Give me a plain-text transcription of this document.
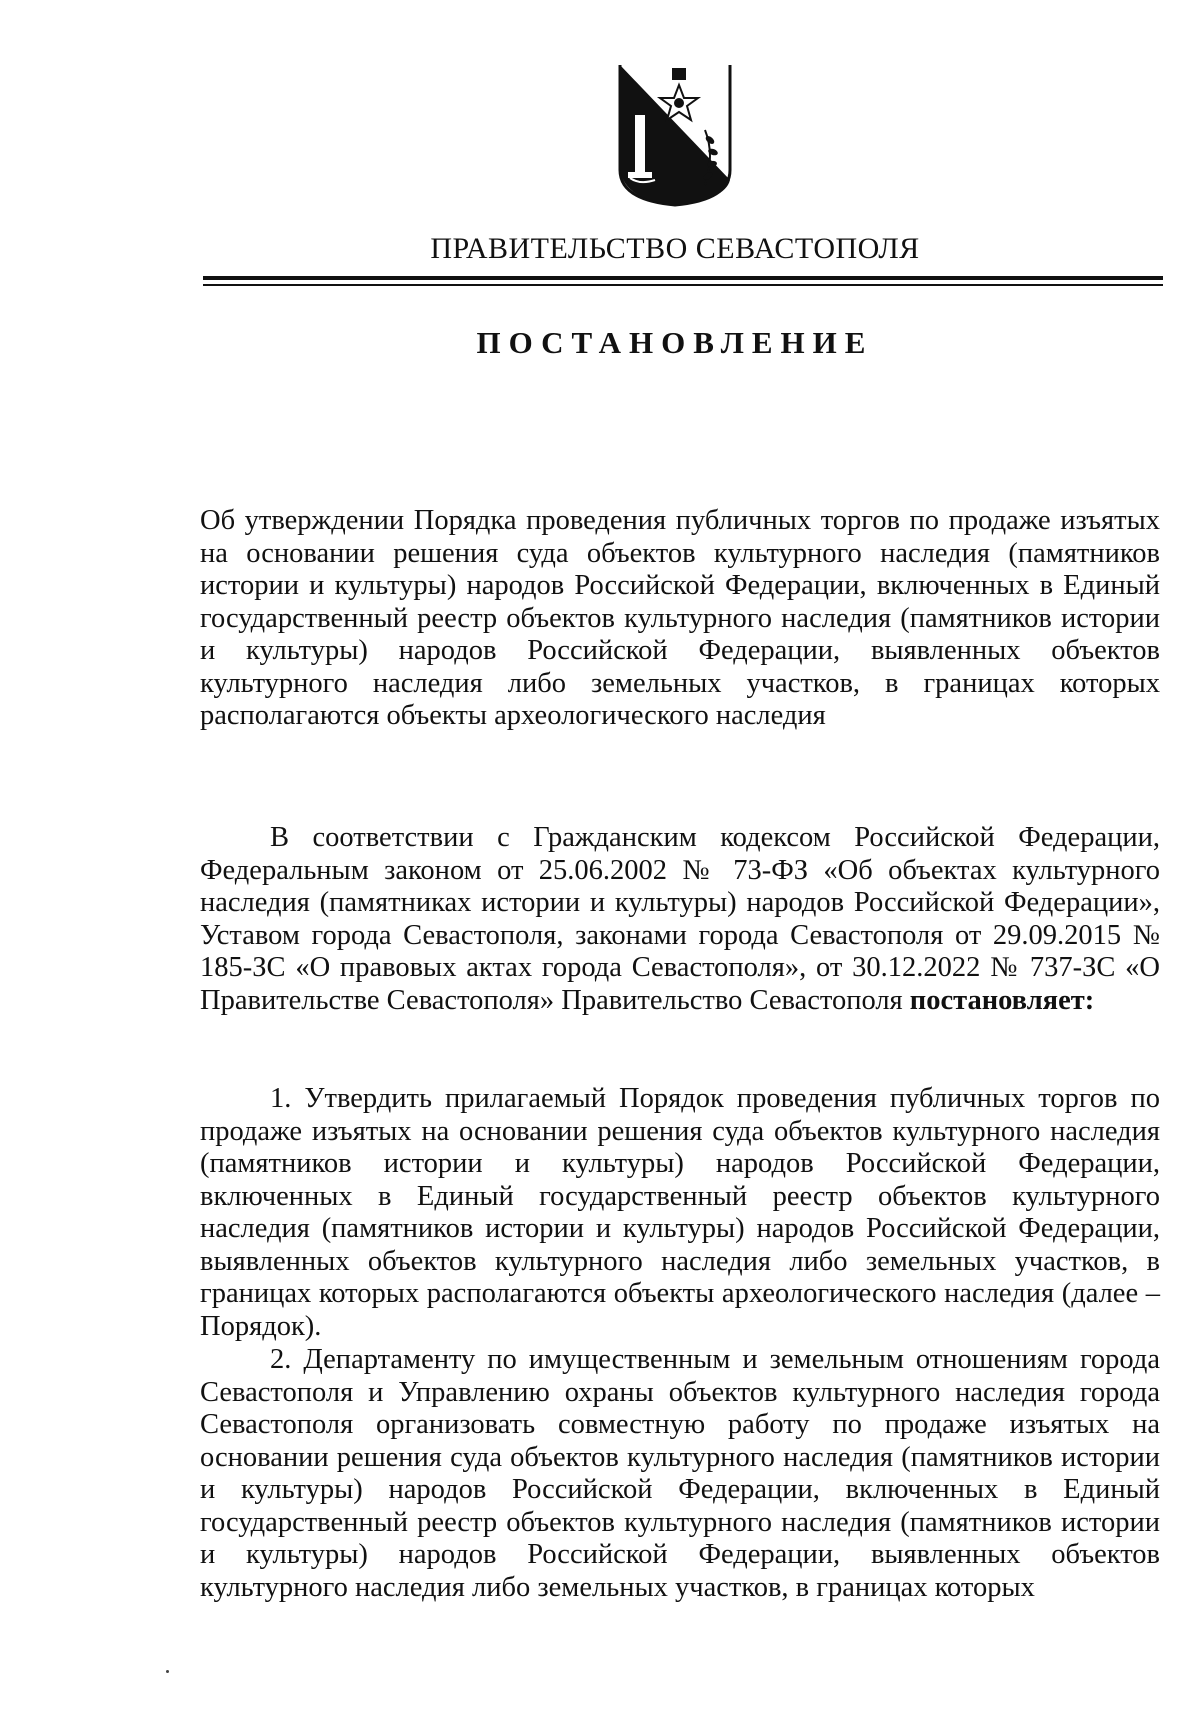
ПРАВИТЕЛЬСТВО СЕВАСТОПОЛЯ
ПОСТАНОВЛЕНИЕ

Об утверждении Порядка проведения публичных торгов по продаже изъятых на основании решения суда объектов культурного наследия (памятников истории и культуры) народов Российской Федерации, включенных в Единый государственный реестр объектов культурного наследия (памятников истории и культуры) народов Российской Федерации, выявленных объектов культурного наследия либо земельных участков, в границах которых располагаются объекты археологического наследия

В соответствии с Гражданским кодексом Российской Федерации, Федеральным законом от 25.06.2002 № 73-ФЗ «Об объектах культурного наследия (памятниках истории и культуры) народов Российской Федерации», Уставом города Севастополя, законами города Севастополя от 29.09.2015 № 185-ЗС «О правовых актах города Севастополя», от 30.12.2022 № 737-ЗС «О Правительстве Севастополя» Правительство Севастополя постановляет:

1. Утвердить прилагаемый Порядок проведения публичных торгов по продаже изъятых на основании решения суда объектов культурного наследия (памятников истории и культуры) народов Российской Федерации, включенных в Единый государственный реестр объектов культурного наследия (памятников истории и культуры) народов Российской Федерации, выявленных объектов культурного наследия либо земельных участков, в границах которых располагаются объекты археологического наследия (далее – Порядок).

2. Департаменту по имущественным и земельным отношениям города Севастополя и Управлению охраны объектов культурного наследия города Севастополя организовать совместную работу по продаже изъятых на основании решения суда объектов культурного наследия (памятников истории и культуры) народов Российской Федерации, включенных в Единый государственный реестр объектов культурного наследия (памятников истории и культуры) народов Российской Федерации, выявленных объектов культурного наследия либо земельных участков, в границах которых
